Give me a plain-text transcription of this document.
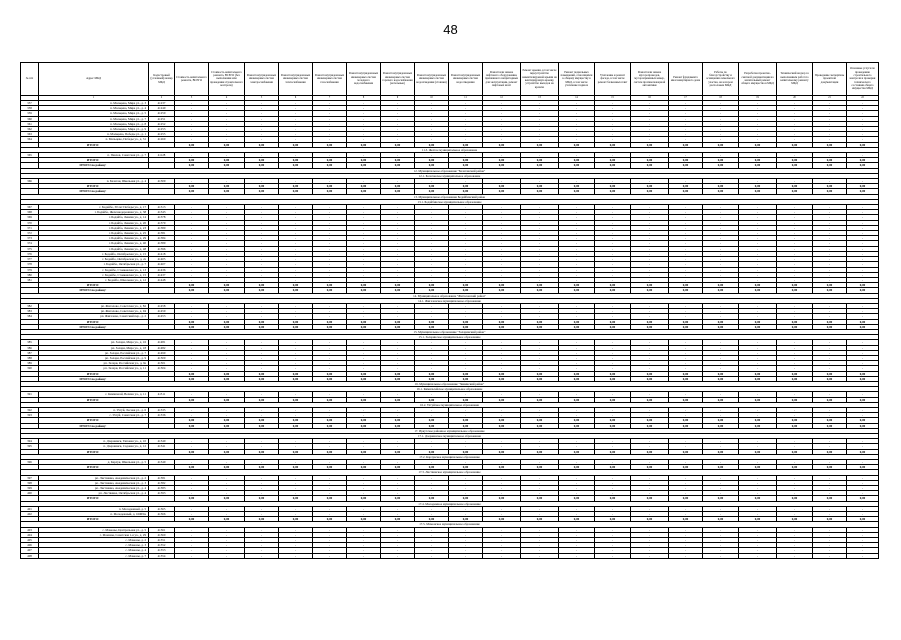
48
№ п/п	Адрес МКД	Кадастровый (условный) номер МКД	Стоимость капитального ремонта, ВСЕГО	Стоимость капитального ремонта, ВСЕГО (без выполнения или проведения строительного контроля)	Ремонт внутридомовых инженерных систем электроснабжения	Ремонт внутридомовых инженерных систем теплоснабжения	Ремонт внутридомовых инженерных систем газоснабжения	Ремонт внутридомовых инженерных систем холодного водоснабжения	Ремонт внутридомовых инженерных систем горячего водоснабжения (котельные)	Ремонт внутридомовых инженерных систем водоотведения (стоянки)	Ремонт внутридомовых инженерных систем водоотведения	Ремонт или замена лифтового оборудования, признанного непригодным для эксплуатации, ремонт лифтовых шахт	Ремонт крыши, в том числе переустройство невентилируемой крыши на вентилируемую крышу, устройство выходов на кровлю	Ремонт подвальных помещений, относящихся к общему имуществу в МКД, в том числе утепление подвала	Утепление и ремонт фасада, в том числе ремонт балконных плит	Ремонт или замена мусоропроводов, мусороприемных камер, систем противопожарной автоматики	Ремонт фундамента многоквартирного дома	Работы по благоустройству и оснащению земельного участка, на котором расположен МКД	Разработка проектно-сметной документации на капитальный ремонт общего имущества в МКД	Технический надзор за выполнением работ по капитальному ремонту МКД	Проведение экспертизы проектной документации	Основные услуги по проведению строительного контроля и проверки технического состояния общего имущества МКД
	1	2	3	4	5	6	7	8	9	10	11	12	13	14	15	16	17	18	19	20	21	22
357	п. Мальцево, Мира ул., д. 3	41237	-	-	-	-	-	-	-	-	-	-	-	-	-	-	-	-	-	-	-	-
358	п. Мальцево, Мира ул., д. 4	41249	-	-	-	-	-	-	-	-	-	-	-	-	-	-	-	-	-	-	-	-
359	п. Мальцево, Мира ул., д. 5	41250	-	-	-	-	-	-	-	-	-	-	-	-	-	-	-	-	-	-	-	-
360	п. Мальцево, Мира ул., д. 7	41251	-	-	-	-	-	-	-	-	-	-	-	-	-	-	-	-	-	-	-	-
361	п. Мальцево, Мира ул., д. 8	41252	-	-	-	-	-	-	-	-	-	-	-	-	-	-	-	-	-	-	-	-
362	п. Мальцево, Мира ул., д. 9	41253	-	-	-	-	-	-	-	-	-	-	-	-	-	-	-	-	-	-	-	-
363	п. Мальцево, Победы ул., д. 1	41255	-	-	-	-	-	-	-	-	-	-	-	-	-	-	-	-	-	-	-	-
364	п. Мальцево, Победы ул., д. 31	41260	-	-	-	-	-	-	-	-	-	-	-	-	-	-	-	-	-	-	-	-
	ИТОГО:		0,00	0,00	0,00	0,00	0,00	0,00	0,00	0,00	0,00	0,00	0,00	0,00	0,00	0,00	0,00	0,00	0,00	0,00	0,00	0,00
11.3. Желтое муниципальное образование																						
365	п. Павлов, Советская ул., д. 7	41128	-	-	-	-	-	-	-	-	-	-	-	-	-	-	-	-	-	-	-	-
	ИТОГО:		0,00	0,00	0,00	0,00	0,00	0,00	0,00	0,00	0,00	0,00	0,00	0,00	0,00	0,00	0,00	0,00	0,00	0,00	0,00	0,00
	ИТОГО по району:		0,00	0,00	0,00	0,00	0,00	0,00	0,00	0,00	0,00	0,00	0,00	0,00	0,00	0,00	0,00	0,00	0,00	0,00	0,00	0,00
12. Муниципальное образование "Балаганский район"																						
12.1. Балаганское муниципальное образование																						
366	п. Балаган, Школьная ул., д. 4	41309	-	-	-	-	-	-	-	-	-	-	-	-	-	-	-	-	-	-	-	-
	ИТОГО:		0,00	0,00	0,00	0,00	0,00	0,00	0,00	0,00	0,00	0,00	0,00	0,00	0,00	0,00	0,00	0,00	0,00	0,00	0,00	0,00
	ИТОГО по району:		0,00	0,00	0,00	0,00	0,00	0,00	0,00	0,00	0,00	0,00	0,00	0,00	0,00	0,00	0,00	0,00	0,00	0,00	0,00	0,00
13. Муниципальное образование Бодайбинский район																						
13.1. Бодайбинское муниципальное образование																						
367	г. Бодайбо, 30 лет Победы ул., д. 17	41313	-	-	-	-	-	-	-	-	-	-	-	-	-	-	-	-	-	-	-	-
368	г. Бодайбо, Железнодорожная ул., д. 38	41343	-	-	-	-	-	-	-	-	-	-	-	-	-	-	-	-	-	-	-	-
369	г. Бодайбо, Ленина ул., д. 14	41378	-	-	-	-	-	-	-	-	-	-	-	-	-	-	-	-	-	-	-	-
370	г. Бодайбо, Ленина ул., д. 20	41379	-	-	-	-	-	-	-	-	-	-	-	-	-	-	-	-	-	-	-	-
371	г. Бодайбо, Ленина ул., д. 23	41380	-	-	-	-	-	-	-	-	-	-	-	-	-	-	-	-	-	-	-	-
372	г. Бодайбо, Ленина ул., д. 25	41381	-	-	-	-	-	-	-	-	-	-	-	-	-	-	-	-	-	-	-	-
373	г. Бодайбо, Ленина ул., д. 29	41384	-	-	-	-	-	-	-	-	-	-	-	-	-	-	-	-	-	-	-	-
374	г. Бодайбо, Ленина ул., д. 40	41389	-	-	-	-	-	-	-	-	-	-	-	-	-	-	-	-	-	-	-	-
375	г. Бодайбо, Ленина ул., д. 48	41396	-	-	-	-	-	-	-	-	-	-	-	-	-	-	-	-	-	-	-	-
376	г. Бодайбо, Октябрьская ул., д. 15	41418	-	-	-	-	-	-	-	-	-	-	-	-	-	-	-	-	-	-	-	-
377	г. Бодайбо, Октябрьская ул., д. 2а	41405	-	-	-	-	-	-	-	-	-	-	-	-	-	-	-	-	-	-	-	-
378	г. Бодайбо, Октябрьская ул., д. 7	41407	-	-	-	-	-	-	-	-	-	-	-	-	-	-	-	-	-	-	-	-
379	г. Бодайбо, Стояковская ул., д. 13	41436	-	-	-	-	-	-	-	-	-	-	-	-	-	-	-	-	-	-	-	-
380	г. Бодайбо, Стояковская ул., д. 15	41437	-	-	-	-	-	-	-	-	-	-	-	-	-	-	-	-	-	-	-	-
381	г. Бодайбо, Школьная ул., д. 12	41448	-	-	-	-	-	-	-	-	-	-	-	-	-	-	-	-	-	-	-	-
	ИТОГО:		0,00	0,00	0,00	0,00	0,00	0,00	0,00	0,00	0,00	0,00	0,00	0,00	0,00	0,00	0,00	0,00	0,00	0,00	0,00	0,00
	ИТОГО по району:		0,00	0,00	0,00	0,00	0,00	0,00	0,00	0,00	0,00	0,00	0,00	0,00	0,00	0,00	0,00	0,00	0,00	0,00	0,00	0,00
14. Муниципальное образование "Жигаловский район"																						
14.1. Жигаловское муниципальное образование																						
382	рп. Жигалово, Советская ул., д. 82	41458	-	-	-	-	-	-	-	-	-	-	-	-	-	-	-	-	-	-	-	-
383	рп. Жигалово, Советская ул., д. 94	41459	-	-	-	-	-	-	-	-	-	-	-	-	-	-	-	-	-	-	-	-
384	рп. Жигалово, Советский пер., д. 2	41453	-	-	-	-	-	-	-	-	-	-	-	-	-	-	-	-	-	-	-	-
	ИТОГО:		0,00	0,00	0,00	0,00	0,00	0,00	0,00	0,00	0,00	0,00	0,00	0,00	0,00	0,00	0,00	0,00	0,00	0,00	0,00	0,00
	ИТОГО по району:		0,00	0,00	0,00	0,00	0,00	0,00	0,00	0,00	0,00	0,00	0,00	0,00	0,00	0,00	0,00	0,00	0,00	0,00	0,00	0,00
15. Муниципальное образование "Заларинский район"																						
15.1. Заларинское муниципальное образование																						
385	рп. Залари, Мира ул., д. 16	41481	-	-	-	-	-	-	-	-	-	-	-	-	-	-	-	-	-	-	-	-
386	рп. Залари, Мира ул., д. 18	41482	-	-	-	-	-	-	-	-	-	-	-	-	-	-	-	-	-	-	-	-
387	рп. Залари, Российская ул., д. 7	41499	-	-	-	-	-	-	-	-	-	-	-	-	-	-	-	-	-	-	-	-
388	рп. Залари, Российская ул., д. 9	41500	-	-	-	-	-	-	-	-	-	-	-	-	-	-	-	-	-	-	-	-
389	рп. Залари, Российская ул., д. 9а	41501	-	-	-	-	-	-	-	-	-	-	-	-	-	-	-	-	-	-	-	-
390	рп. Залари, Российская ул., д. 11	41504	-	-	-	-	-	-	-	-	-	-	-	-	-	-	-	-	-	-	-	-
	ИТОГО:		0,00	0,00	0,00	0,00	0,00	0,00	0,00	0,00	0,00	0,00	0,00	0,00	0,00	0,00	0,00	0,00	0,00	0,00	0,00	0,00
	ИТОГО по району:		0,00	0,00	0,00	0,00	0,00	0,00	0,00	0,00	0,00	0,00	0,00	0,00	0,00	0,00	0,00	0,00	0,00	0,00	0,00	0,00
16. Муниципальное образование "Зиминский район"																						
16.1. Кимильтейское муниципальное образование																						
391	с. Кимильтей, Велина ул., д. 11	41511	-	-	-	-	-	-	-	-	-	-	-	-	-	-	-	-	-	-	-	-
	ИТОГО:		0,00	0,00	0,00	0,00	0,00	0,00	0,00	0,00	0,00	0,00	0,00	0,00	0,00	0,00	0,00	0,00	0,00	0,00	0,00	0,00
16.2. Ухтуйское муниципальное образование																						
392	п. Ухтуй, Лесная ул., д. 6	41535	-	-	-	-	-	-	-	-	-	-	-	-	-	-	-	-	-	-	-	-
393	с. Ухтуй, Советская ул., д. 7	41536	-	-	-	-	-	-	-	-	-	-	-	-	-	-	-	-	-	-	-	-
	ИТОГО:		0,00	0,00	0,00	0,00	0,00	0,00	0,00	0,00	0,00	0,00	0,00	0,00	0,00	0,00	0,00	0,00	0,00	0,00	0,00	0,00
	ИТОГО по району:		0,00	0,00	0,00	0,00	0,00	0,00	0,00	0,00	0,00	0,00	0,00	0,00	0,00	0,00	0,00	0,00	0,00	0,00	0,00	0,00
17. Иркутское районное муниципальное образование																						
17.1. Дзержинское муниципальное образование																						
394	п. Дзержинск, Типовая ул., д. 10	41540	-	-	-	-	-	-	-	-	-	-	-	-	-	-	-	-	-	-	-	-
395	п. Дзержинск, Садовая ул., д. 12	41541	-	-	-	-	-	-	-	-	-	-	-	-	-	-	-	-	-	-	-	-
	ИТОГО:		0,00	0,00	0,00	0,00	0,00	0,00	0,00	0,00	0,00	0,00	0,00	0,00	0,00	0,00	0,00	0,00	0,00	0,00	0,00	0,00
17.2. Карлукское муниципальное образование																						
396	д. Карлук, Школьная ул., д. 5	41549	-	-	-	-	-	-	-	-	-	-	-	-	-	-	-	-	-	-	-	-
	ИТОГО:		0,00	0,00	0,00	0,00	0,00	0,00	0,00	0,00	0,00	0,00	0,00	0,00	0,00	0,00	0,00	0,00	0,00	0,00	0,00	0,00
17.3. Листвянское муниципальное образование																						
397	рп. Листвянка, Академическая ул., д. 2	41581	-	-	-	-	-	-	-	-	-	-	-	-	-	-	-	-	-	-	-	-
398	рп. Листвянка, Академическая ул., д. 3	41582	-	-	-	-	-	-	-	-	-	-	-	-	-	-	-	-	-	-	-	-
399	рп. Листвянка, Академическая ул., д. 4	41583	-	-	-	-	-	-	-	-	-	-	-	-	-	-	-	-	-	-	-	-
400	рп. Листвянка, Октябрьская ул., д. 4	41593	-	-	-	-	-	-	-	-	-	-	-	-	-	-	-	-	-	-	-	-
	ИТОГО:		0,00	0,00	0,00	0,00	0,00	0,00	0,00	0,00	0,00	0,00	0,00	0,00	0,00	0,00	0,00	0,00	0,00	0,00	0,00	0,00
17.4. Молодежное муниципальное образование																						
401	п. Молодежный, д. 5	41565	-	-	-	-	-	-	-	-	-	-	-	-	-	-	-	-	-	-	-	-
402	п. Молодежный, д. 16ФПА	41566	-	-	-	-	-	-	-	-	-	-	-	-	-	-	-	-	-	-	-	-
	ИТОГО:		0,00	0,00	0,00	0,00	0,00	0,00	0,00	0,00	0,00	0,00	0,00	0,00	0,00	0,00	0,00	0,00	0,00	0,00	0,00	0,00
17.5. Мамонское муниципальное образование																						
403	с. Мамоны, Центральная ул., д. 5	41561	-	-	-	-	-	-	-	-	-	-	-	-	-	-	-	-	-	-	-	-
404	с. Мамоны, Советская 1-я ул., д. 29	41560	-	-	-	-	-	-	-	-	-	-	-	-	-	-	-	-	-	-	-	-
405	с. Мамоны, д. 2	41551	-	-	-	-	-	-	-	-	-	-	-	-	-	-	-	-	-	-	-	-
406	с. Мамоны, д. 3	41552	-	-	-	-	-	-	-	-	-	-	-	-	-	-	-	-	-	-	-	-
407	с. Мамоны, д. 4	41553	-	-	-	-	-	-	-	-	-	-	-	-	-	-	-	-	-	-	-	-
408	с. Мамоны, д. 7	41554	-	-	-	-	-	-	-	-	-	-	-	-	-	-	-	-	-	-	-	-
